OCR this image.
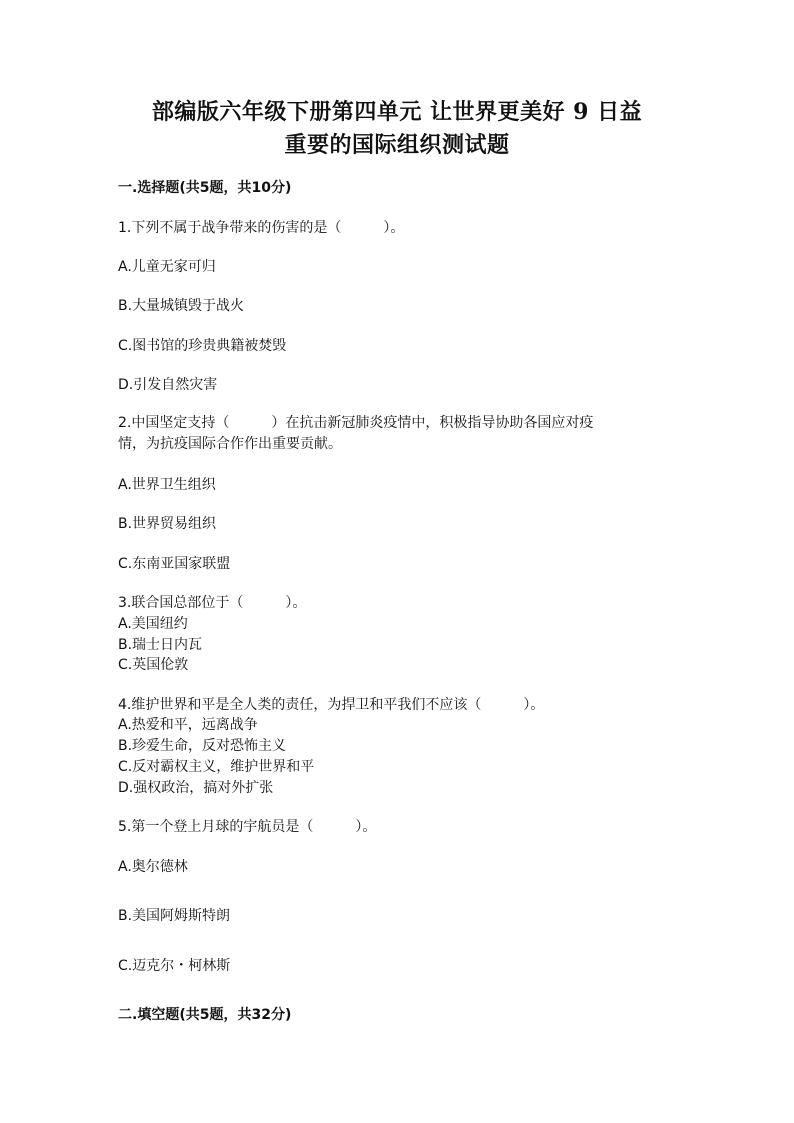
部编版六年级下册第四单元 让世界更美好 9 日益
重要的国际组织测试题
一.选择题(共5题，共10分)
1.下列不属于战争带来的伤害的是（　　　）。
A.儿童无家可归
B.大量城镇毁于战火
C.图书馆的珍贵典籍被焚毁
D.引发自然灾害
2.中国坚定支持（　　　）在抗击新冠肺炎疫情中，积极指导协助各国应对疫
情，为抗疫国际合作作出重要贡献。
A.世界卫生组织
B.世界贸易组织
C.东南亚国家联盟
3.联合国总部位于（　　　）。
A.美国纽约
B.瑞士日内瓦
C.英国伦敦
4.维护世界和平是全人类的责任，为捍卫和平我们不应该（　　　）。
A.热爱和平，远离战争
B.珍爱生命，反对恐怖主义
C.反对霸权主义，维护世界和平
D.强权政治，搞对外扩张
5.第一个登上月球的宇航员是（　　　）。
A.奥尔德林
B.美国阿姆斯特朗
C.迈克尔・柯林斯
二.填空题(共5题，共32分)
